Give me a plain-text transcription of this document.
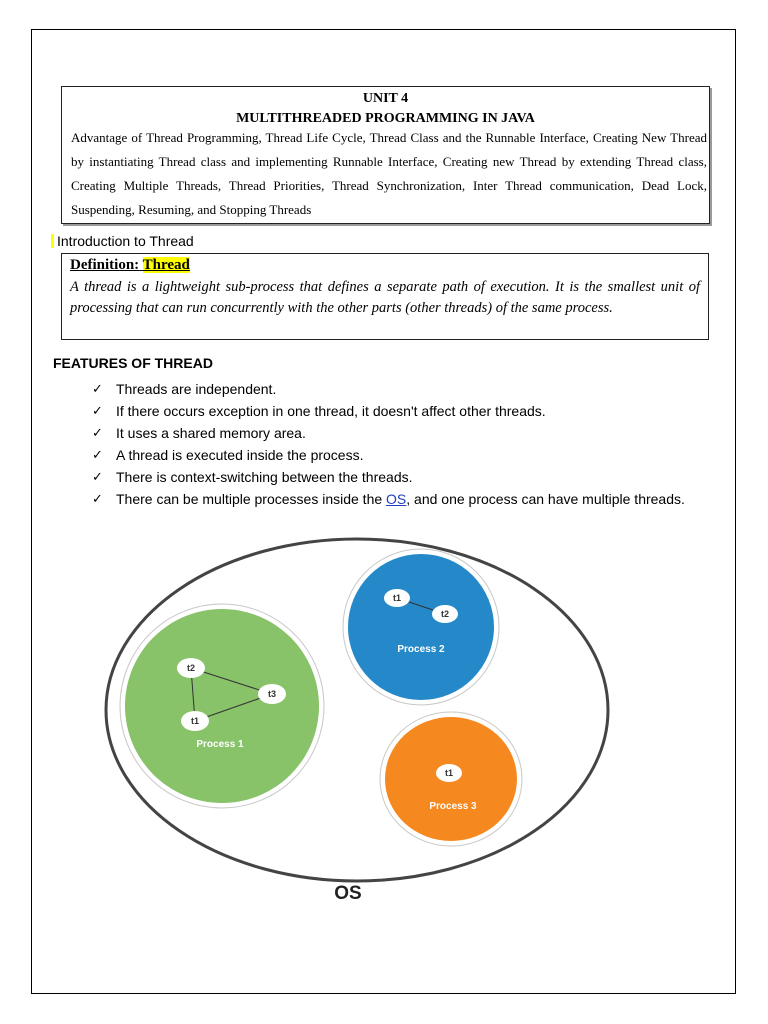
UNIT 4
MULTITHREADED PROGRAMMING IN JAVA
Advantage of Thread Programming, Thread Life Cycle, Thread Class and the Runnable Interface, Creating New Thread by instantiating Thread class and implementing Runnable Interface, Creating new Thread by extending Thread class, Creating Multiple Threads, Thread Priorities, Thread Synchronization, Inter Thread communication, Dead Lock, Suspending, Resuming, and Stopping Threads
Introduction to Thread
Definition: Thread
A thread is a lightweight sub-process that defines a separate path of execution. It is the smallest unit of processing that can run concurrently with the other parts (other threads) of the same process.
FEATURES OF THREAD
✓ Threads are independent.
✓ If there occurs exception in one thread, it doesn't affect other threads.
✓ It uses a shared memory area.
✓ A thread is executed inside the process.
✓ There is context-switching between the threads.
✓ There can be multiple processes inside the OS, and one process can have multiple threads.
t2
t3
t1
Process 1
t1
t2
Process 2
t1
Process 3
OS
